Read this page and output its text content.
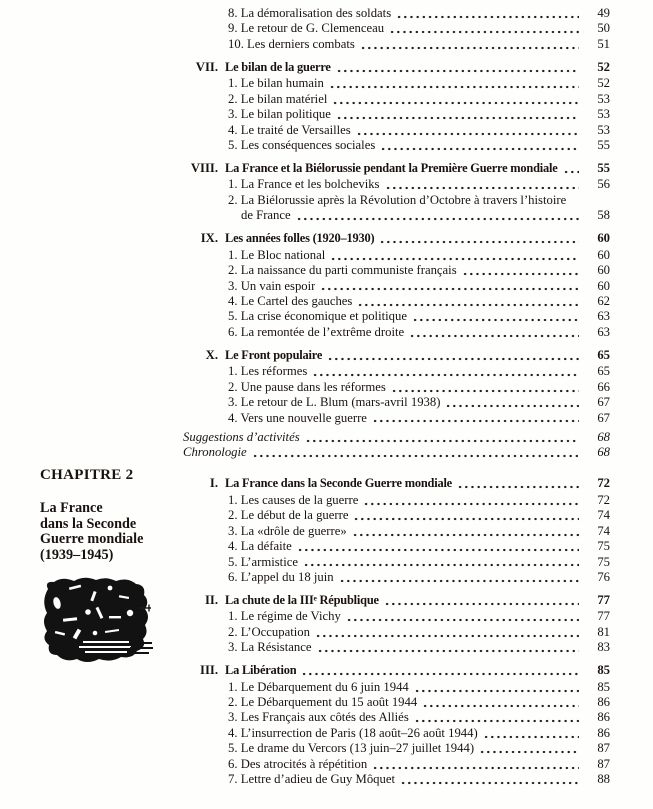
CHAPITRE 2
La France
dans la Seconde
Guerre mondiale
(1939–1945)
8. La démoralisation des soldats	49
9. Le retour de G. Clemenceau	50
10. Les derniers combats	51
VII. Le bilan de la guerre	52
1. Le bilan humain	52
2. Le bilan matériel	53
3. Le bilan politique	53
4. Le traité de Versailles	53
5. Les conséquences sociales	55
VIII. La France et la Biélorussie pendant la Première Guerre mondiale	55
1. La France et les bolcheviks	56
2. La Biélorussie après la Révolution d’Octobre à travers l’histoire
de France	58
IX. Les années folles (1920–1930)	60
1. Le Bloc national	60
2. La naissance du parti communiste français	60
3. Un vain espoir	60
4. Le Cartel des gauches	62
5. La crise économique et politique	63
6. La remontée de l’extrême droite	63
X. Le Front populaire	65
1. Les réformes	65
2. Une pause dans les réformes	66
3. Le retour de L. Blum (mars-avril 1938)	67
4. Vers une nouvelle guerre	67
Suggestions d’activités	68
Chronologie	68
I. La France dans la Seconde Guerre mondiale	72
1. Les causes de la guerre	72
2. Le début de la guerre	74
3. La «drôle de guerre»	74
4. La défaite	75
5. L’armistice	75
6. L’appel du 18 juin	76
II. La chute de la IIIᵉ République	77
1. Le régime de Vichy	77
2. L’Occupation	81
3. La Résistance	83
III. La Libération	85
1. Le Débarquement du 6 juin 1944	85
2. Le Débarquement du 15 août 1944	86
3. Les Français aux côtés des Alliés	86
4. L’insurrection de Paris (18 août–26 août 1944)	86
5. Le drame du Vercors (13 juin–27 juillet 1944)	87
6. Des atrocités à répétition	87
7. Lettre d’adieu de Guy Môquet	88
